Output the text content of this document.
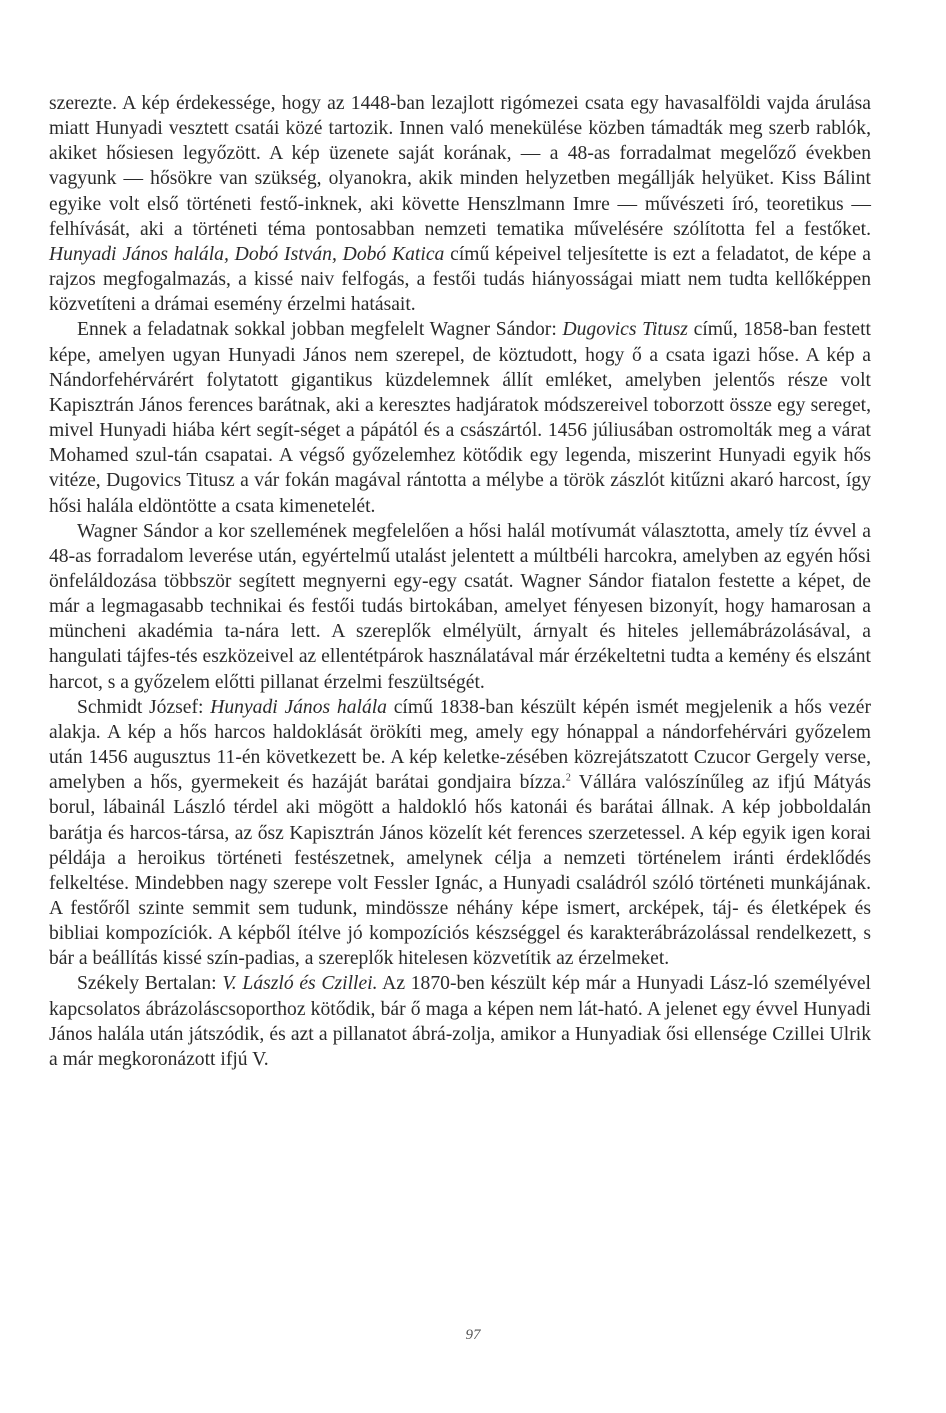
szerezte. A kép érdekessége, hogy az 1448-ban lezajlott rigómezei csata egy havasalföldi vajda árulása miatt Hunyadi vesztett csatái közé tartozik. Innen való menekülése közben támadták meg szerb rablók, akiket hősiesen legyőzött. A kép üzenete saját korának, — a 48-as forradalmat megelőző években vagyunk — hősökre van szükség, olyanokra, akik minden helyzetben megállják helyüket. Kiss Bálint egyike volt első történeti festő-inknek, aki követte Henszlmann Imre — művészeti író, teoretikus — felhívását, aki a történeti téma pontosabban nemzeti tematika művelésére szólította fel a festőket. Hunyadi János halála, Dobó István, Dobó Katica című képeivel teljesítette is ezt a feladatot, de képe a rajzos megfogalmazás, a kissé naiv felfogás, a festői tudás hiányosságai miatt nem tudta kellőképpen közvetíteni a drámai esemény érzelmi hatásait.

Ennek a feladatnak sokkal jobban megfelelt Wagner Sándor: Dugovics Titusz című, 1858-ban festett képe, amelyen ugyan Hunyadi János nem szerepel, de köztudott, hogy ő a csata igazi hőse. A kép a Nándorfehérvárért folytatott gigantikus küzdelemnek állít emléket, amelyben jelentős része volt Kapisztrán János ferences barátnak, aki a keresztes hadjáratok módszereivel toborzott össze egy sereget, mivel Hunyadi hiába kért segít-séget a pápától és a császártól. 1456 júliusában ostromolták meg a várat Mohamed szul-tán csapatai. A végső győzelemhez kötődik egy legenda, miszerint Hunyadi egyik hős vitéze, Dugovics Titusz a vár fokán magával rántotta a mélybe a török zászlót kitűzni akaró harcost, így hősi halála eldöntötte a csata kimenetelét.

Wagner Sándor a kor szellemének megfelelően a hősi halál motívumát választotta, amely tíz évvel a 48-as forradalom leverése után, egyértelmű utalást jelentett a múltbéli harcokra, amelyben az egyén hősi önfeláldozása többször segített megnyerni egy-egy csatát. Wagner Sándor fiatalon festette a képet, de már a legmagasabb technikai és festői tudás birtokában, amelyet fényesen bizonyít, hogy hamarosan a müncheni akadémia ta-nára lett. A szereplők elmélyült, árnyalt és hiteles jellemábrázolásával, a hangulati tájfes-tés eszközeivel az ellentétpárok használatával már érzékeltetni tudta a kemény és elszánt harcot, s a győzelem előtti pillanat érzelmi feszültségét.

Schmidt József: Hunyadi János halála című 1838-ban készült képén ismét megjelenik a hős vezér alakja. A kép a hős harcos haldoklását örökíti meg, amely egy hónappal a nándorfehérvári győzelem után 1456 augusztus 11-én következett be. A kép keletke-zésében közrejátszatott Czucor Gergely verse, amelyben a hős, gyermekeit és hazáját barátai gondjaira bízza.$^2$ Vállára valószínűleg az ifjú Mátyás borul, lábainál László térdel aki mögött a haldokló hős katonái és barátai állnak. A kép jobboldalán barátja és harcos-társa, az ősz Kapisztrán János közelít két ferences szerzetessel. A kép egyik igen korai példája a heroikus történeti festészetnek, amelynek célja a nemzeti történelem iránti érdeklődés felkeltése. Mindebben nagy szerepe volt Fessler Ignác, a Hunyadi családról szóló történeti munkájának. A festőről szinte semmit sem tudunk, mindössze néhány képe ismert, arcképek, táj- és életképek és bibliai kompozíciók. A képből ítélve jó kompozíciós készséggel és karakterábrázolással rendelkezett, s bár a beállítás kissé szín-padias, a szereplők hitelesen közvetítik az érzelmeket.

Székely Bertalan: V. László és Czillei. Az 1870-ben készült kép már a Hunyadi Lász-ló személyével kapcsolatos ábrázoláscsoporthoz kötődik, bár ő maga a képen nem lát-ható. A jelenet egy évvel Hunyadi János halála után játszódik, és azt a pillanatot ábrá-zolja, amikor a Hunyadiak ősi ellensége Czillei Ulrik a már megkoronázott ifjú V.

97
